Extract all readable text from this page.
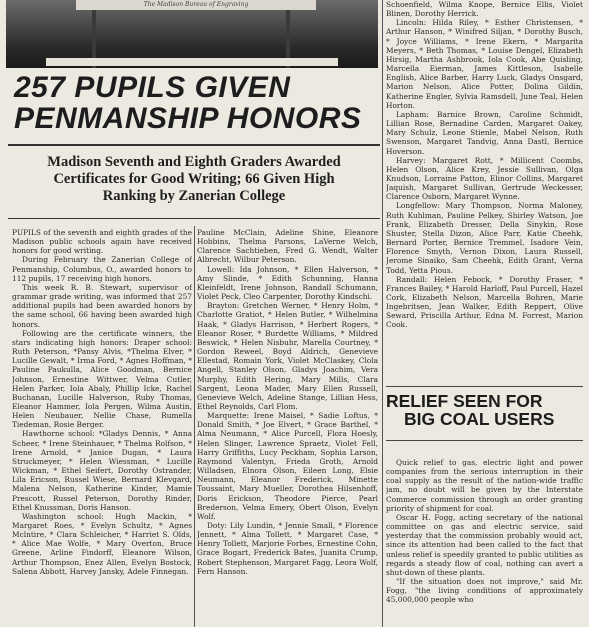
The Madison Bureau of Engraving
257 PUPILS GIVEN
PENMANSHIP HONORS
Madison Seventh and Eighth Graders Awarded
Certificates for Good Writing; 66 Given High
Ranking by Zanerian College

PUPILS of the seventh and eighth grades of the Madison public schools again have received honors for good writing.

During February the Zanerian College of Penmanship, Columbus, O., awarded honors to 112 pupils, 17 receiving high honors.

This week R. B. Stewart, supervisor of grammar grade writing, was informed that 257 additional pupils had been awarded honors by the same school, 66 having been awarded high honors.

Following are the certificate winners, the stars indicating high honors: Draper school: Ruth Peterson, *Pansy Alvis, *Thelma Elver, * Lucille Gewalt, * Irma Ford, * Agnes Hoffman, * Pauline Paukulla, Alice Goodman, Bernice Johnson, Ernestine Wittwer, Velma Cutler, Helen Parker, Iola Abaly, Phillip Icke, Rachel Buchanan, Lucille Halverson, Ruby Thomas, Eleanor Hammer, Iola Pergen, Wilma Austin, Helen Neubauer, Nellie Chase, Rumella Tiedeman, Rosie Berger.

Hawthorne school: *Gladys Dennis, * Anna Scheer, * Irene Steinhauer, * Thelma Rolfson, * Irene Arnold, * Janice Dugan, * Laura Struckmeyer, * Helen Wiessman, * Lucille Wickman, * Ethel Seifert, Dorothy Ostrander, Lila Ericson, Russel Wiese, Bernard Klevgard, Malena Nelson, Katherine Kinder, Mamie Prescott, Russel Peterson, Dorothy Rinder, Ethel Knussman, Doris Hanson.

Washington school: Hugh Mackin, * Margaret Roes, * Evelyn Schultz, * Agnes Mclntire, * Clara Schleicher, * Harriet S. Olds, * Alice Mae Wolfe, * Mary Overton, Bruce Greene, Arline Findorff, Eleanore Wilson, Arthur Thompson, Enez Allen, Evelyn Bostock, Salena Abbott, Harvey Jansky, Adele Finnegan.

Pauline McClain, Adeline Shine, Eleanore Hobbins, Thelma Parsons, LaVerne Welch, Clarence Sachtieben, Fred G. Wendt, Walter Albrecht, Wilbur Peterson.

Lowell: Ida Johnson, * Ellen Halverson, * Amy Slinde, * Edith Schunning, Hanna Kleinfeldt, Irene Johnson, Randall Schumann, Violet Peck, Cleo Carpenter, Dorothy Kindschi.

Brayton: Gretchen Werner, * Henry Holm, * Charlotte Gratiot, * Helen Butler, * Wilhelmina Haak, * Gladys Harrison, * Herbert Rogers, * Eleanor Roser, * Burdette Williams, * Mildred Beswick, * Helen Nisbuhr, Marella Courtney, * Gordon Reweel, Boyd Aldrich, Genevieve Ellestad, Romain York, Violet McClaskey, Clola Angell, Stanley Olson, Gladys Joachim, Vera Murphy, Edith Hering, Mary Mills, Clara Sargent, Leona Mader, Mary Ellen Russell, Genevieve Welch, Adeline Stange, Lillian Hess, Ethel Reynolds, Carl Flom.

Marquette: Irene Maisel, * Sadie Loftus, * Donald Smith, * Joe Elvert, * Grace Barthel, * Alma Neumann, * Alice Purcell, Flora Hoesly, Helen Slinger, Lawrence Spraetz, Violet Fell, Harry Griffiths, Lucy Peckham, Sophia Larson, Raymond Valentyn, Frieda Groth, Arnold Willadsen, Elnora Olson, Eileen Long, Elsie Neumann, Eleanor Frederick, Minette Toussaint, Mary Mueller, Dorothea Hilsenhoff, Doris Erickson, Theodore Pierce, Pearl Brederson, Velma Emery, Obert Olson, Evelyn Wolf.

Doty: Lily Lundin, * Jennie Small, * Florence Jennett, * Alma Tollett, * Margaret Case, * Henry Tollett, Marjorie Forbes, Ernestine Cohn, Grace Bogart, Frederick Bates, Juanita Crump, Robert Stephenson, Margaret Fagg, Leora Wolf, Fern Hanson.

Schoenfield, Wilma Knope, Bernice Ellis, Violet Blinen, Dorothy Herrick.

Lincoln: Hilda Riley, * Esther Christensen, * Arthur Hanson, * Winifred Siljan, * Dorothy Busch, * Joyce Williams, * Irene Ekern, * Margarita Meyers, * Beth Thomas, * Louise Dengel, Elizabeth Hirsig, Martha Ashbrook, Iola Cook, Abe Quisling, Marcella Eierman, James Kittleson, Isabelle English, Alice Barber, Harry Luck, Gladys Onsgard, Marion Nelson, Alice Potter, Dolina Gildin, Katherine Engler, Sylvia Ramsdell, June Teal, Helen Horton.

Lapham: Barnice Brown, Caroline Schmidt, Lillian Rose, Bernadine Carden, Margaret Oakey, Mary Schulz, Leone Stienle, Mabel Nelson, Ruth Swenson, Margaret Tandvig, Anna Dastl, Bernice Hoverson.

Harvey: Margaret Rott, * Millicent Coombs, Helen Olson, Alice Krey, Jessie Sullivan, Olga Knudson, Lorraine Patton, Elinor Collins, Margaret Jaquish, Margaret Sullivan, Gertrude Weckesser, Clarence Osborn, Margaret Wynne.

Longfellow: Mary Thompson, Norma Maloney, Ruth Kuhlman, Pauline Pelkey, Shirley Watson, Joe Frank, Elizabeth Dresser, Della Sinykin, Rose Shuster, Stella Dizon, Alice Parr, Katie Cheehk, Bernard Porter, Bernice Tremmel, Isadore Vein, Florence Smyth, Vernon Dixon, Laura Russell, Jerome Sinaiko, Sam Cheehk, Edith Grant, Verna Todd, Yetta Pious.

Randall: Helen Febock, * Dorothy Fraser, * Frances Bailey, * Harold Harloff, Paul Purcell, Hazel Cork, Elizabeth Nelson, Marcella Bohren, Marie Ingebritsen, Jean Walker, Edith Reppert, Olive Seward, Priscilla Arthur, Edna M. Forrest, Marion Cook.

RELIEF SEEN FOR
BIG COAL USERS

Quick relief to gas, electric light and power companies from the serious interruption in their coal supply as the result of the nation-wide traffic jam, no doubt will be given by the Interstate Commerce commission through an order granting priority of shipment for coal.

Oscar H. Fogg, acting secretary of the national committee on gas and electric service, said yesterday that the commission probably would act, since its attention had been called to the fact that unless relief is speedily granted to public utilities as regards a steady flow of coal, nothing can avert a shut-down of these plants.

"If the situation does not improve," said Mr. Fogg, "the living conditions of approximately 45,000,000 people who
